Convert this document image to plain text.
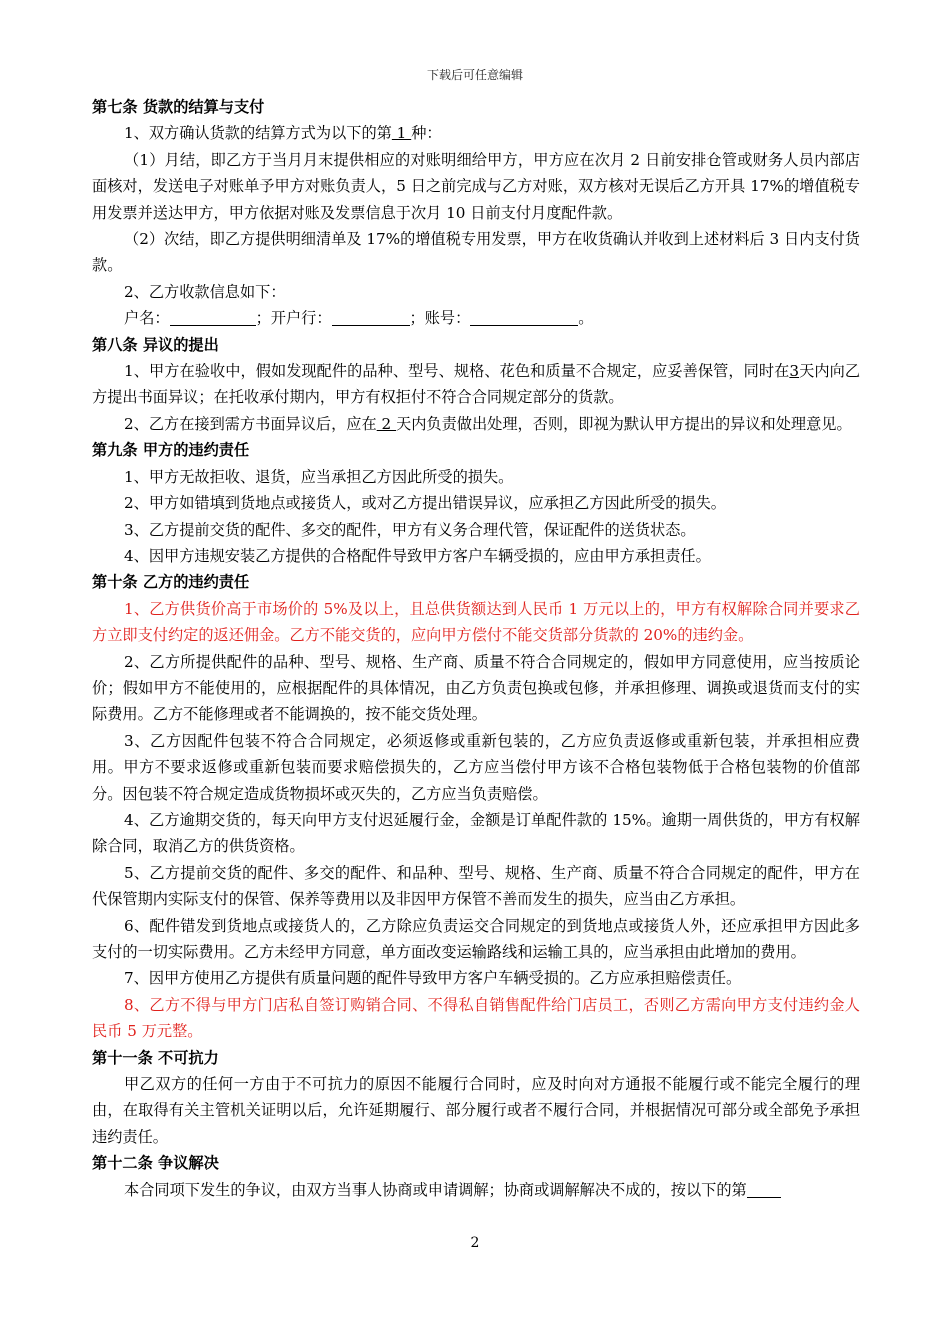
下载后可任意编辑

第七条 货款的结算与支付

1、双方确认货款的结算方式为以下的第 1 种：

（1）月结，即乙方于当月月末提供相应的对账明细给甲方，甲方应在次月 2 日前安排仓管或财务人员内部店面核对，发送电子对账单予甲方对账负责人，5 日之前完成与乙方对账，双方核对无误后乙方开具 17%的增值税专用发票并送达甲方，甲方依据对账及发票信息于次月 10 日前支付月度配件款。

（2）次结，即乙方提供明细清单及 17%的增值税专用发票，甲方在收货确认并收到上述材料后 3 日内支付货款。

2、乙方收款信息如下：

户名：	；开户行：	；账号：	。

第八条 异议的提出

1、甲方在验收中，假如发现配件的品种、型号、规格、花色和质量不合规定，应妥善保管，同时在3天内向乙方提出书面异议；在托收承付期内，甲方有权拒付不符合合同规定部分的货款。

2、乙方在接到需方书面异议后，应在 2 天内负责做出处理，否则，即视为默认甲方提出的异议和处理意见。

第九条 甲方的违约责任

1、甲方无故拒收、退货，应当承担乙方因此所受的损失。

2、甲方如错填到货地点或接货人，或对乙方提出错误异议，应承担乙方因此所受的损失。

3、乙方提前交货的配件、多交的配件，甲方有义务合理代管，保证配件的送货状态。

4、因甲方违规安装乙方提供的合格配件导致甲方客户车辆受损的，应由甲方承担责任。

第十条 乙方的违约责任

1、乙方供货价高于市场价的 5%及以上，且总供货额达到人民币 1 万元以上的，甲方有权解除合同并要求乙方立即支付约定的返还佣金。乙方不能交货的，应向甲方偿付不能交货部分货款的 20%的违约金。

2、乙方所提供配件的品种、型号、规格、生产商、质量不符合合同规定的，假如甲方同意使用，应当按质论价；假如甲方不能使用的，应根据配件的具体情况，由乙方负责包换或包修，并承担修理、调换或退货而支付的实际费用。乙方不能修理或者不能调换的，按不能交货处理。

3、乙方因配件包装不符合合同规定，必须返修或重新包装的，乙方应负责返修或重新包装，并承担相应费用。甲方不要求返修或重新包装而要求赔偿损失的，乙方应当偿付甲方该不合格包装物低于合格包装物的价值部分。因包装不符合规定造成货物损坏或灭失的，乙方应当负责赔偿。

4、乙方逾期交货的，每天向甲方支付迟延履行金，金额是订单配件款的 15%。逾期一周供货的，甲方有权解除合同，取消乙方的供货资格。

5、乙方提前交货的配件、多交的配件、和品种、型号、规格、生产商、质量不符合合同规定的配件，甲方在代保管期内实际支付的保管、保养等费用以及非因甲方保管不善而发生的损失，应当由乙方承担。

6、配件错发到货地点或接货人的，乙方除应负责运交合同规定的到货地点或接货人外，还应承担甲方因此多支付的一切实际费用。乙方未经甲方同意，单方面改变运输路线和运输工具的，应当承担由此增加的费用。

7、因甲方使用乙方提供有质量问题的配件导致甲方客户车辆受损的。乙方应承担赔偿责任。

8、乙方不得与甲方门店私自签订购销合同、不得私自销售配件给门店员工，否则乙方需向甲方支付违约金人民币 5 万元整。

第十一条 不可抗力

甲乙双方的任何一方由于不可抗力的原因不能履行合同时，应及时向对方通报不能履行或不能完全履行的理由，在取得有关主管机关证明以后，允许延期履行、部分履行或者不履行合同，并根据情况可部分或全部免予承担违约责任。

第十二条 争议解决

本合同项下发生的争议，由双方当事人协商或申请调解；协商或调解解决不成的，按以下的第

2
